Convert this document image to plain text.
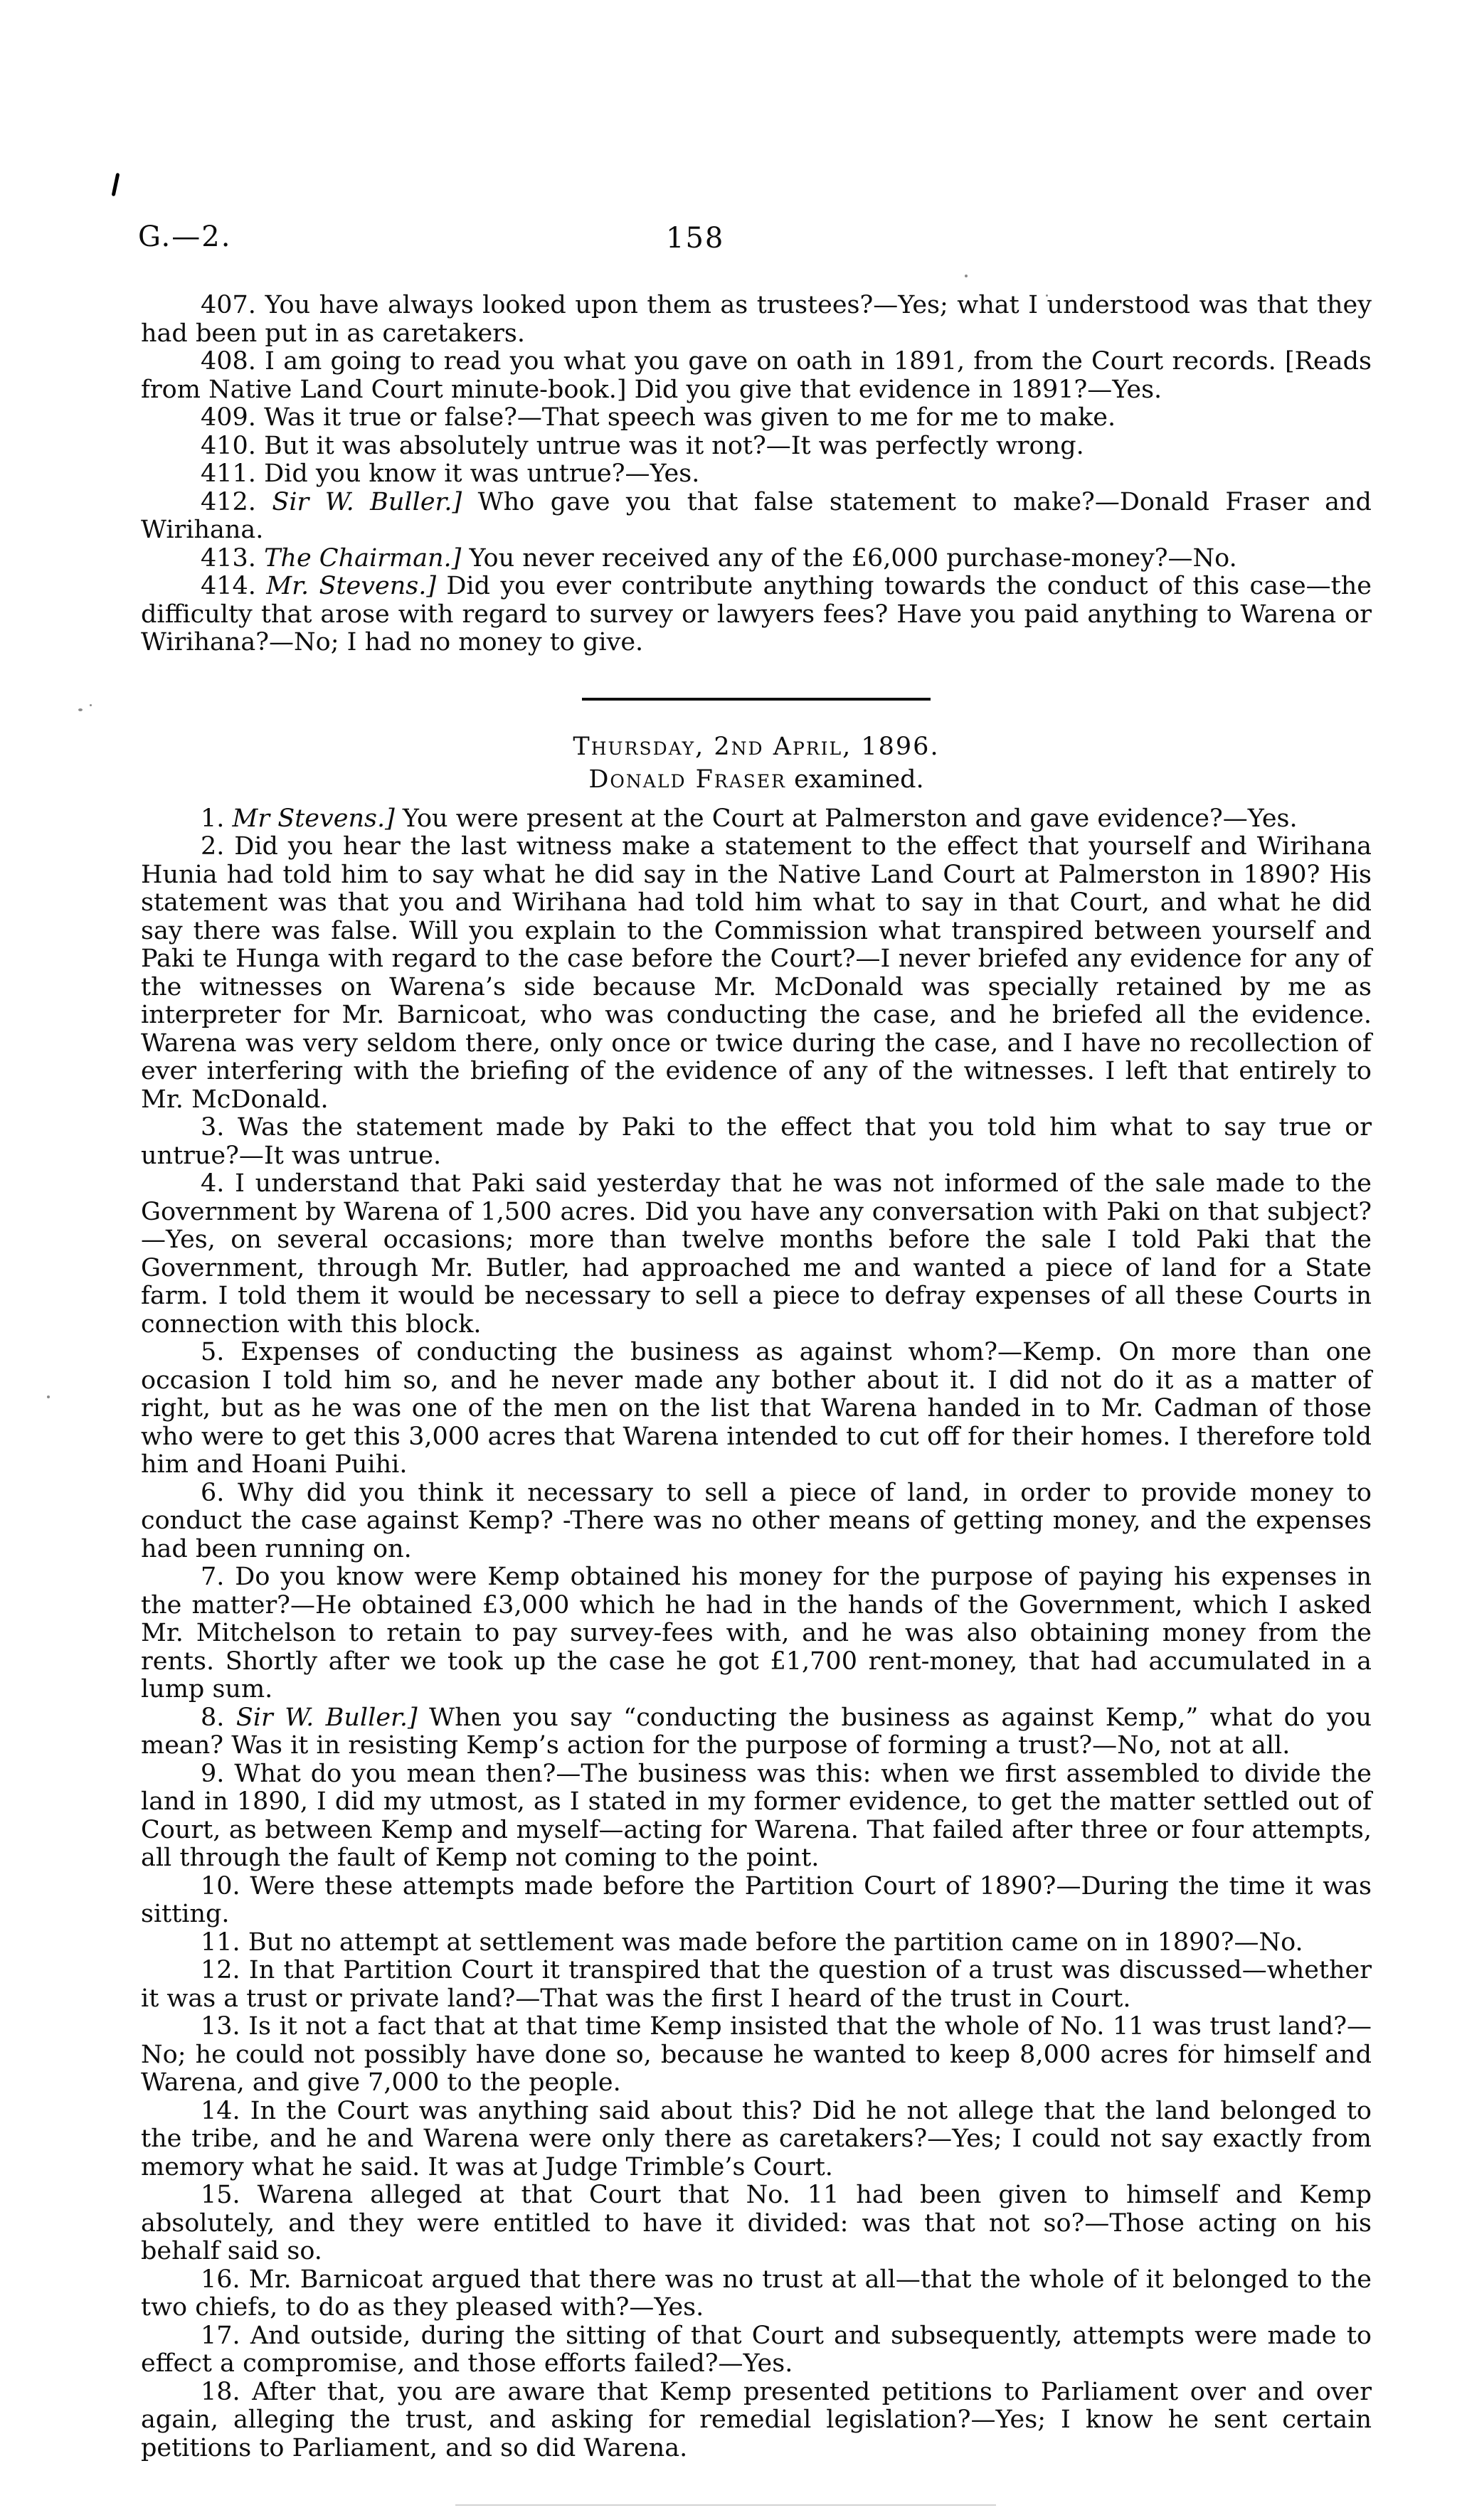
G.—2.	158

407. You have always looked upon them as trustees?—Yes; what I understood was that they had been put in as caretakers.

408. I am going to read you what you gave on oath in 1891, from the Court records. [Reads from Native Land Court minute-book.] Did you give that evidence in 1891?—Yes.

409. Was it true or false?—That speech was given to me for me to make.

410. But it was absolutely untrue was it not?—It was perfectly wrong.

411. Did you know it was untrue?—Yes.

412. Sir W. Buller.] Who gave you that false statement to make?—Donald Fraser and Wirihana.

413. The Chairman.] You never received any of the £6,000 purchase-money?—No.

414. Mr. Stevens.] Did you ever contribute anything towards the conduct of this case—the difficulty that arose with regard to survey or lawyers fees? Have you paid anything to Warena or Wirihana?—No; I had no money to give.

Thursday, 2nd April, 1896.

Donald Fraser examined.

1. Mr Stevens.] You were present at the Court at Palmerston and gave evidence?—Yes.

2. Did you hear the last witness make a statement to the effect that yourself and Wirihana Hunia had told him to say what he did say in the Native Land Court at Palmerston in 1890? His statement was that you and Wirihana had told him what to say in that Court, and what he did say there was false. Will you explain to the Commission what transpired between yourself and Paki te Hunga with regard to the case before the Court?—I never briefed any evidence for any of the witnesses on Warena’s side because Mr. McDonald was specially retained by me as interpreter for Mr. Barnicoat, who was conducting the case, and he briefed all the evidence. Warena was very seldom there, only once or twice during the case, and I have no recollection of ever interfering with the briefing of the evidence of any of the witnesses. I left that entirely to Mr. McDonald.

3. Was the statement made by Paki to the effect that you told him what to say true or untrue?—It was untrue.

4. I understand that Paki said yesterday that he was not informed of the sale made to the Government by Warena of 1,500 acres. Did you have any conversation with Paki on that subject?—Yes, on several occasions; more than twelve months before the sale I told Paki that the Government, through Mr. Butler, had approached me and wanted a piece of land for a State farm. I told them it would be necessary to sell a piece to defray expenses of all these Courts in connection with this block.

5. Expenses of conducting the business as against whom?—Kemp. On more than one occasion I told him so, and he never made any bother about it. I did not do it as a matter of right, but as he was one of the men on the list that Warena handed in to Mr. Cadman of those who were to get this 3,000 acres that Warena intended to cut off for their homes. I therefore told him and Hoani Puihi.

6. Why did you think it necessary to sell a piece of land, in order to provide money to conduct the case against Kemp? -There was no other means of getting money, and the expenses had been running on.

7. Do you know were Kemp obtained his money for the purpose of paying his expenses in the matter?—He obtained £3,000 which he had in the hands of the Government, which I asked Mr. Mitchelson to retain to pay survey-fees with, and he was also obtaining money from the rents. Shortly after we took up the case he got £1,700 rent-money, that had accumulated in a lump sum.

8. Sir W. Buller.] When you say “conducting the business as against Kemp,” what do you mean? Was it in resisting Kemp’s action for the purpose of forming a trust?—No, not at all.

9. What do you mean then?—The business was this: when we first assembled to divide the land in 1890, I did my utmost, as I stated in my former evidence, to get the matter settled out of Court, as between Kemp and myself—acting for Warena. That failed after three or four attempts, all through the fault of Kemp not coming to the point.

10. Were these attempts made before the Partition Court of 1890?—During the time it was sitting.

11. But no attempt at settlement was made before the partition came on in 1890?—No.

12. In that Partition Court it transpired that the question of a trust was discussed—whether it was a trust or private land?—That was the first I heard of the trust in Court.

13. Is it not a fact that at that time Kemp insisted that the whole of No. 11 was trust land?—No; he could not possibly have done so, because he wanted to keep 8,000 acres for himself and Warena, and give 7,000 to the people.

14. In the Court was anything said about this? Did he not allege that the land belonged to the tribe, and he and Warena were only there as caretakers?—Yes; I could not say exactly from memory what he said. It was at Judge Trimble’s Court.

15. Warena alleged at that Court that No. 11 had been given to himself and Kemp absolutely, and they were entitled to have it divided: was that not so?—Those acting on his behalf said so.

16. Mr. Barnicoat argued that there was no trust at all—that the whole of it belonged to the two chiefs, to do as they pleased with?—Yes.

17. And outside, during the sitting of that Court and subsequently, attempts were made to effect a compromise, and those efforts failed?—Yes.

18. After that, you are aware that Kemp presented petitions to Parliament over and over again, alleging the trust, and asking for remedial legislation?—Yes; I know he sent certain petitions to Parliament, and so did Warena.
